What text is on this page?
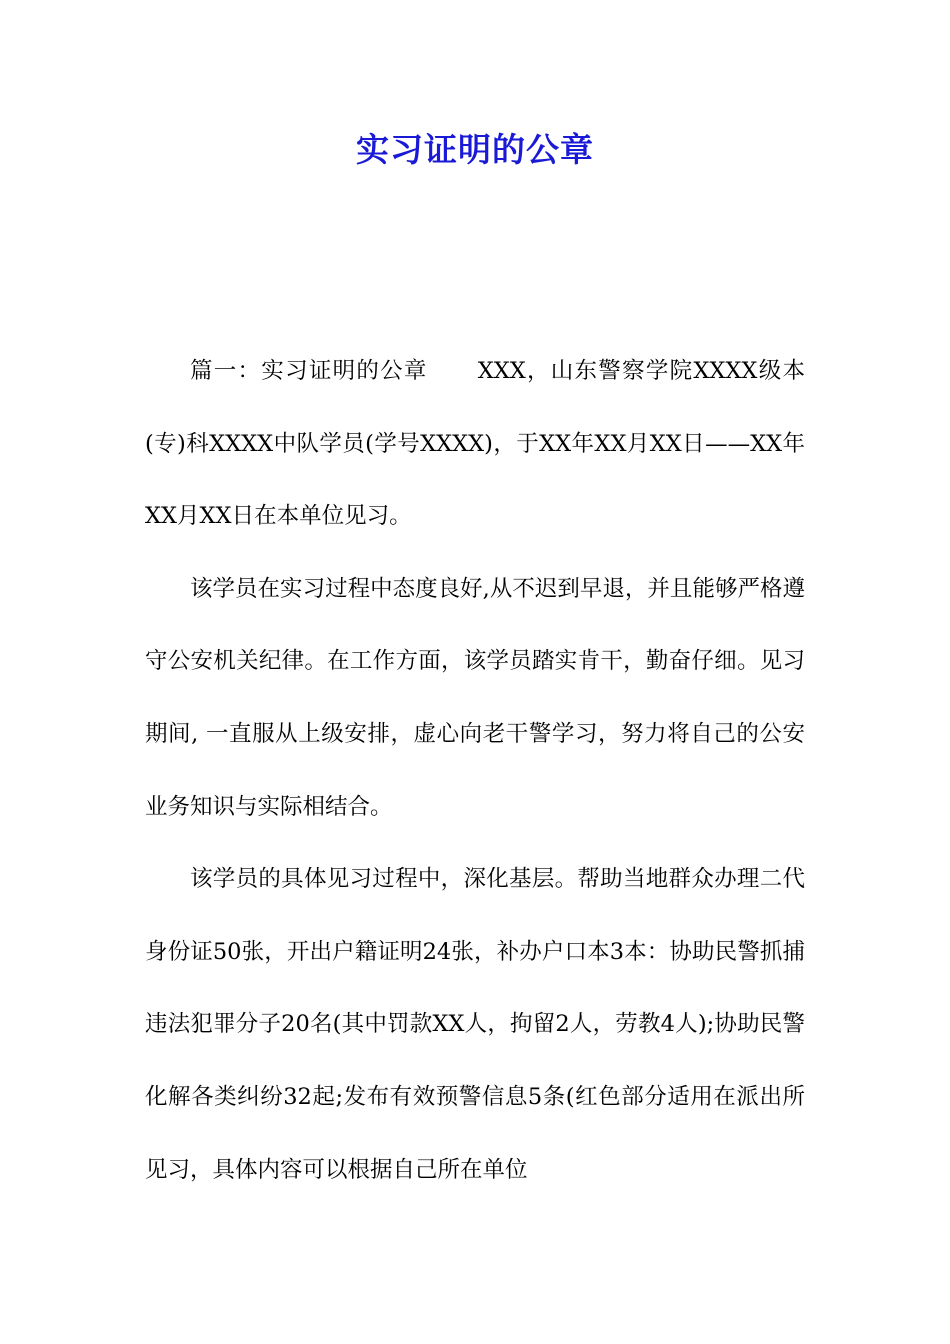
实习证明的公章

篇一：实习证明的公章 XXX，山东警察学院XXXX级本(专)科XXXX中队学员(学号XXXX)，于XX年XX月XX日——XX年XX月XX日在本单位见习。

该学员在实习过程中态度良好,从不迟到早退，并且能够严格遵守公安机关纪律。在工作方面，该学员踏实肯干，勤奋仔细。见习期间, 一直服从上级安排，虚心向老干警学习，努力将自己的公安业务知识与实际相结合。

该学员的具体见习过程中，深化基层。帮助当地群众办理二代身份证50张，开出户籍证明24张，补办户口本3本：协助民警抓捕违法犯罪分子20名(其中罚款XX人，拘留2人，劳教4人);协助民警化解各类纠纷32起;发布有效预警信息5条(红色部分适用在派出所见习，具体内容可以根据自己所在单位
